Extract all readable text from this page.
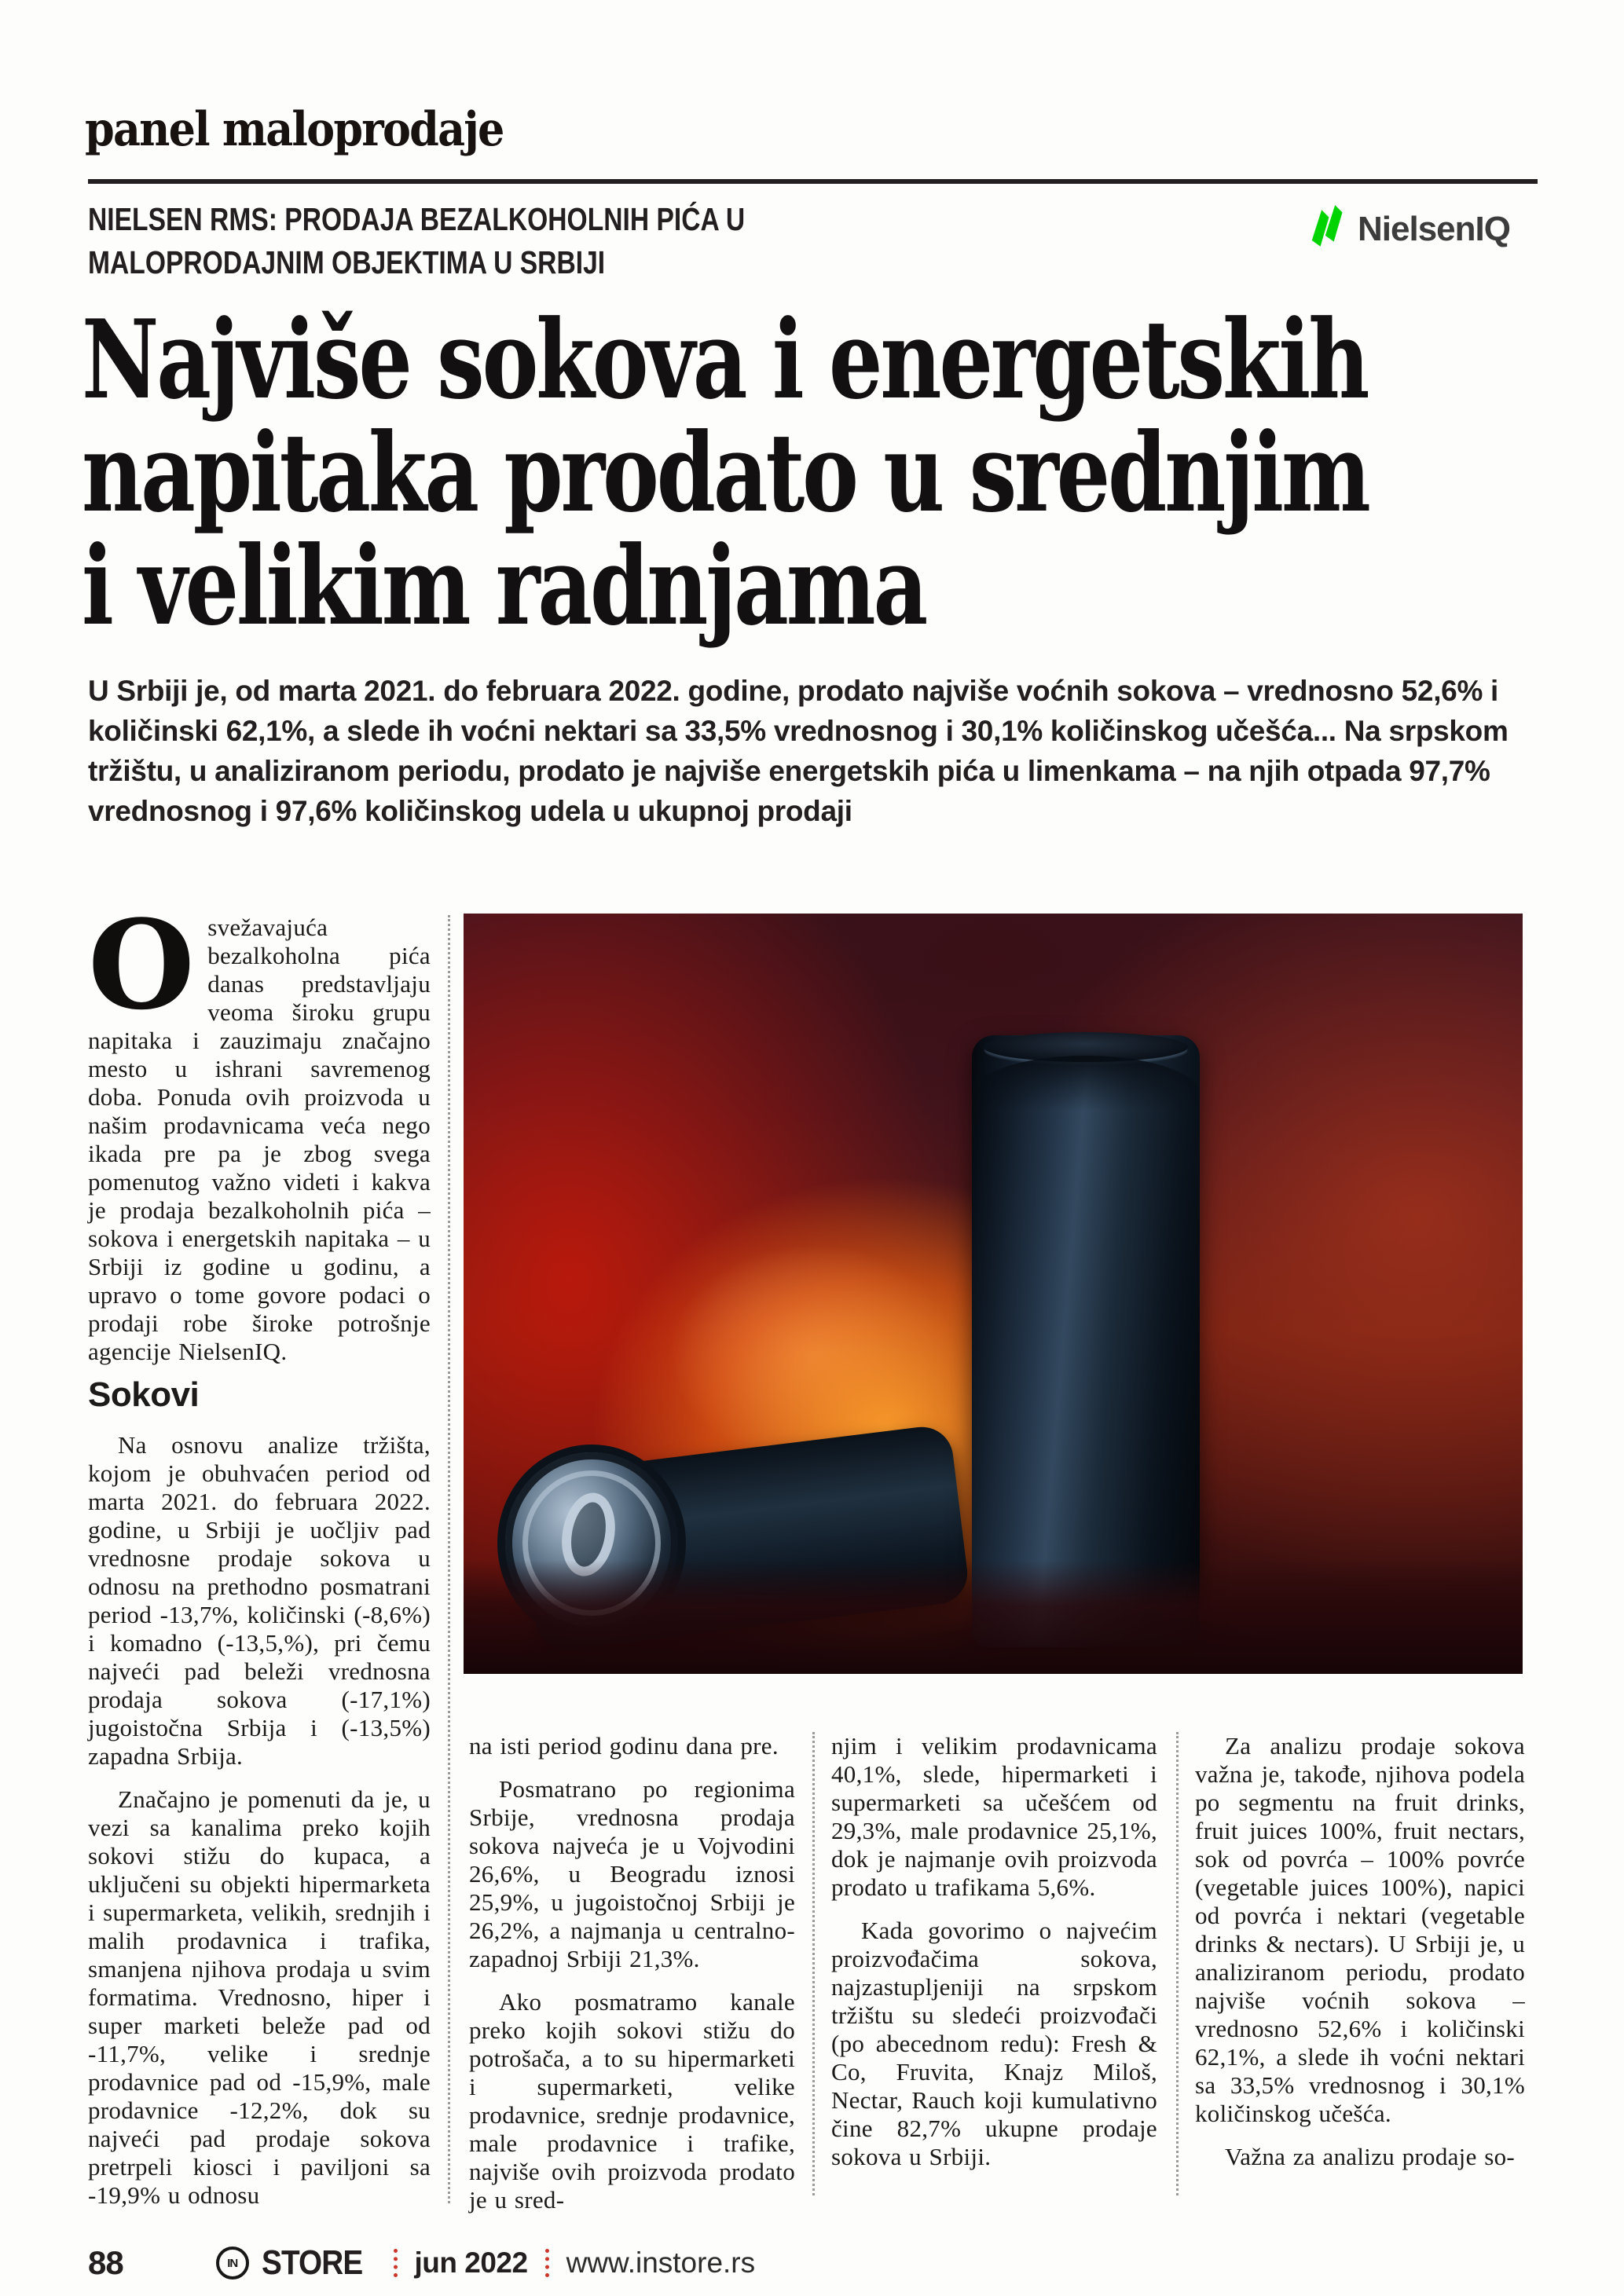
panel maloprodaje
NIELSEN RMS: PRODAJA BEZALKOHOLNIH PIĆA U
MALOPRODAJNIM OBJEKTIMA U SRBIJI
NielsenIQ
Najviše sokova i energetskih
napitaka prodato u srednjim
i velikim radnjama
U Srbiji je, od marta 2021. do februara 2022. godine, prodato najviše voćnih sokova – vrednosno 52,6% i količinski 62,1%, a slede ih voćni nektari sa 33,5% vrednosnog i 30,1% količinskog učešća... Na srpskom tržištu, u analiziranom periodu, prodato je najviše energetskih pića u limenkama – na njih otpada 97,7% vrednosnog i 97,6% količinskog udela u ukupnoj prodaji

Osvežavajuća bezalkoholna pića danas predstavljaju veoma široku grupu napitaka i zauzimaju značajno mesto u ishrani savremenog doba. Ponuda ovih proizvoda u našim prodavnicama veća nego ikada pre pa je zbog svega pomenutog važno videti i kakva je prodaja bezalkoholnih pića – sokova i energetskih napitaka – u Srbiji iz godine u godinu, a upravo o tome govore podaci o prodaji robe široke potrošnje agencije NielsenIQ.

Sokovi

Na osnovu analize tržišta, kojom je obuhvaćen period od marta 2021. do februara 2022. godine, u Srbiji je uočljiv pad vrednosne prodaje sokova u odnosu na prethodno posmatrani period -13,7%, količinski (-8,6%) i komadno (-13,5,%), pri čemu najveći pad beleži vrednosna prodaja sokova (-17,1%) jugoistočna Srbija i (-13,5%) zapadna Srbija.

Značajno je pomenuti da je, u vezi sa kanalima preko kojih sokovi stižu do kupaca, a uključeni su objekti hipermarketa i supermarketa, velikih, srednjih i malih prodavnica i trafika, smanjena njihova prodaja u svim formatima. Vrednosno, hiper i super marketi beleže pad od -11,7%, velike i srednje prodavnice pad od -15,9%, male prodavnice -12,2%, dok su najveći pad prodaje sokova pretrpeli kiosci i paviljoni sa -19,9% u odnosu

na isti period godinu dana pre.

Posmatrano po regionima Srbije, vrednosna prodaja sokova najveća je u Vojvodini 26,6%, u Beogradu iznosi 25,9%, u jugoistočnoj Srbiji je 26,2%, a najmanja u centralno-zapadnoj Srbiji 21,3%.

Ako posmatramo kanale preko kojih sokovi stižu do potrošača, a to su hipermarketi i supermarketi, velike prodavnice, srednje prodavnice, male prodavnice i trafike, najviše ovih proizvoda prodato je u sred-

njim i velikim prodavnicama 40,1%, slede, hipermarketi i supermarketi sa učešćem od 29,3%, male prodavnice 25,1%, dok je najmanje ovih proizvoda prodato u trafikama 5,6%.

Kada govorimo o najvećim proizvođačima sokova, najzastupljeniji na srpskom tržištu su sledeći proizvođači (po abecednom redu): Fresh & Co, Fruvita, Knajz Miloš, Nectar, Rauch koji kumulativno čine 82,7% ukupne prodaje sokova u Srbiji.

Za analizu prodaje sokova važna je, takođe, njihova podela po segmentu na fruit drinks, fruit juices 100%, fruit nectars, sok od povrća – 100% povrće (vegetable juices 100%), napici od povrća i nektari (vegetable drinks & nectars). U Srbiji je, u analiziranom periodu, prodato najviše voćnih sokova – vrednosno 52,6% i količinski 62,1%, a slede ih voćni nektari sa 33,5% vrednosnog i 30,1% količinskog učešća.

Važna za analizu prodaje so-

88	IN STORE jun 2022 www.instore.rs
